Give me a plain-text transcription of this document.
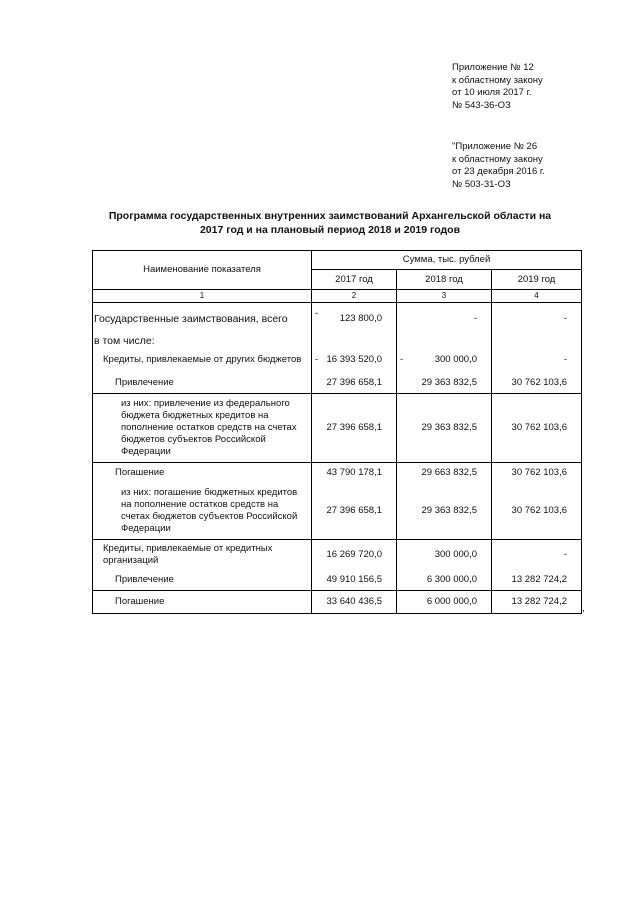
Приложение № 12
к областному закону
от 10 июля 2017 г.
№ 543-36-ОЗ
"Приложение № 26
к областному закону
от 23 декабря 2016 г.
№ 503-31-ОЗ
Программа государственных внутренних заимствований Архангельской области на
2017 год и на плановый период 2018 и 2019 годов
Наименование показателя	Сумма, тыс. рублей		
	2017 год	2018 год	2019 год
1	2	3	4
Государственные заимствования, всего	- 123 800,0	-	-
в том числе:			
Кредиты, привлекаемые от других бюджетов	- 16 393 520,0	- 300 000,0	-
Привлечение	27 396 658,1	29 363 832,5	30 762 103,6
из них: привлечение из федерального бюджета бюджетных кредитов на пополнение остатков средств на счетах бюджетов субъектов Российской Федерации	27 396 658,1	29 363 832,5	30 762 103,6
Погашение	43 790 178,1	29 663 832,5	30 762 103,6
из них: погашение бюджетных кредитов на пополнение остатков средств на счетах бюджетов субъектов Российской Федерации	27 396 658,1	29 363 832,5	30 762 103,6
Кредиты, привлекаемые от кредитных организаций	16 269 720,0	300 000,0	-
Привлечение	49 910 156,5	6 300 000,0	13 282 724,2
Погашение	33 640 436,5	6 000 000,0	13 282 724,2
,
